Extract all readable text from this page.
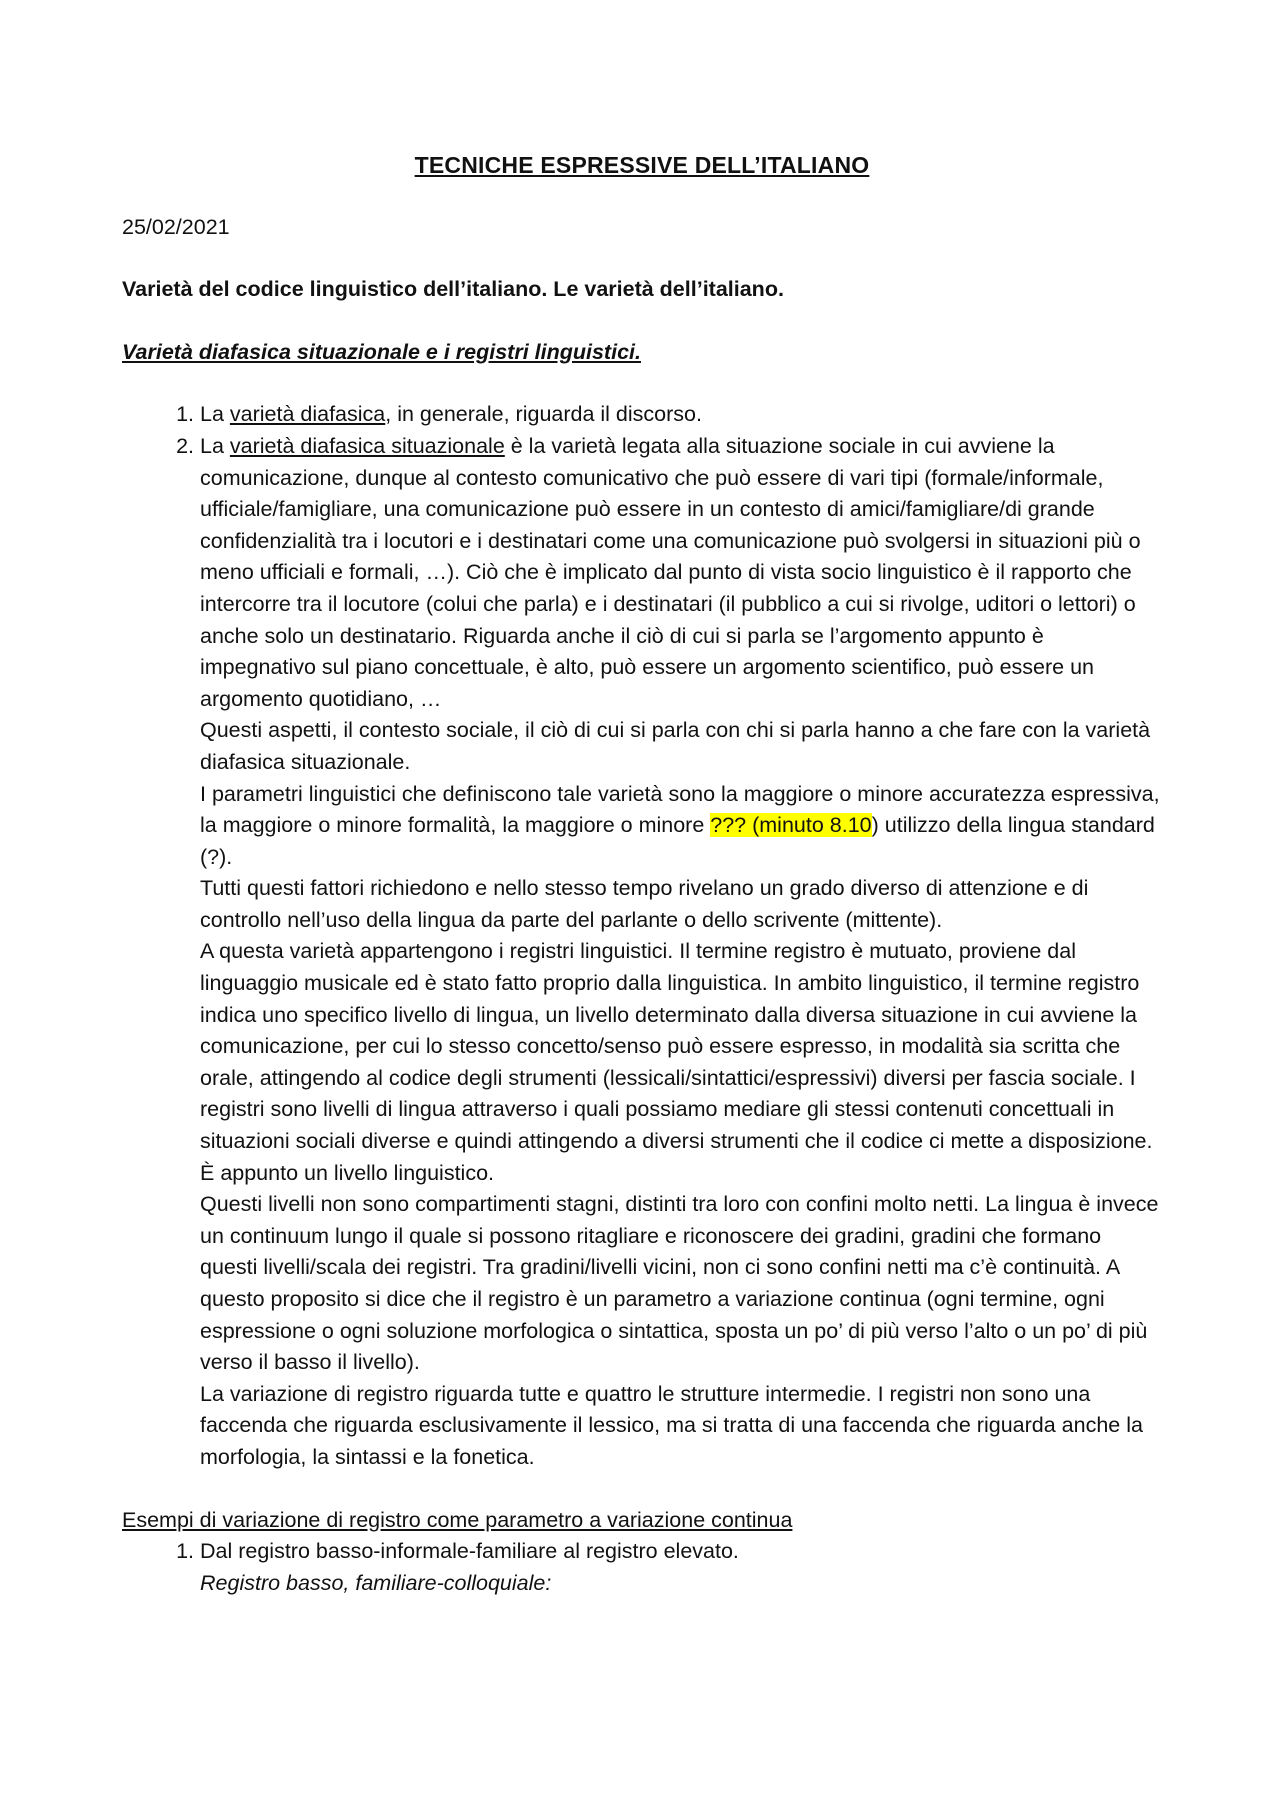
TECNICHE ESPRESSIVE DELL’ITALIANO
25/02/2021
Varietà del codice linguistico dell’italiano. Le varietà dell’italiano.
Varietà diafasica situazionale e i registri linguistici.
1. La varietà diafasica, in generale, riguarda il discorso.
2. La varietà diafasica situazionale è la varietà legata alla situazione sociale in cui avviene la comunicazione, dunque al contesto comunicativo che può essere di vari tipi (formale/informale, ufficiale/famigliare, una comunicazione può essere in un contesto di amici/famigliare/di grande confidenzialità tra i locutori e i destinatari come una comunicazione può svolgersi in situazioni più o meno ufficiali e formali, …). Ciò che è implicato dal punto di vista socio linguistico è il rapporto che intercorre tra il locutore (colui che parla) e i destinatari (il pubblico a cui si rivolge, uditori o lettori) o anche solo un destinatario. Riguarda anche il ciò di cui si parla se l’argomento appunto è impegnativo sul piano concettuale, è alto, può essere un argomento scientifico, può essere un argomento quotidiano, …
Questi aspetti, il contesto sociale, il ciò di cui si parla con chi si parla hanno a che fare con la varietà diafasica situazionale.
I parametri linguistici che definiscono tale varietà sono la maggiore o minore accuratezza espressiva, la maggiore o minore formalità, la maggiore o minore ??? (minuto 8.10) utilizzo della lingua standard (?).
Tutti questi fattori richiedono e nello stesso tempo rivelano un grado diverso di attenzione e di controllo nell’uso della lingua da parte del parlante o dello scrivente (mittente).
A questa varietà appartengono i registri linguistici. Il termine registro è mutuato, proviene dal linguaggio musicale ed è stato fatto proprio dalla linguistica. In ambito linguistico, il termine registro indica uno specifico livello di lingua, un livello determinato dalla diversa situazione in cui avviene la comunicazione, per cui lo stesso concetto/senso può essere espresso, in modalità sia scritta che orale, attingendo al codice degli strumenti (lessicali/sintattici/espressivi) diversi per fascia sociale. I registri sono livelli di lingua attraverso i quali possiamo mediare gli stessi contenuti concettuali in situazioni sociali diverse e quindi attingendo a diversi strumenti che il codice ci mette a disposizione. È appunto un livello linguistico.
Questi livelli non sono compartimenti stagni, distinti tra loro con confini molto netti. La lingua è invece un continuum lungo il quale si possono ritagliare e riconoscere dei gradini, gradini che formano questi livelli/scala dei registri. Tra gradini/livelli vicini, non ci sono confini netti ma c’è continuità. A questo proposito si dice che il registro è un parametro a variazione continua (ogni termine, ogni espressione o ogni soluzione morfologica o sintattica, sposta un po’ di più verso l’alto o un po’ di più verso il basso il livello).
La variazione di registro riguarda tutte e quattro le strutture intermedie. I registri non sono una faccenda che riguarda esclusivamente il lessico, ma si tratta di una faccenda che riguarda anche la morfologia, la sintassi e la fonetica.
Esempi di variazione di registro come parametro a variazione continua
1. Dal registro basso-informale-familiare al registro elevato.
Registro basso, familiare-colloquiale:
